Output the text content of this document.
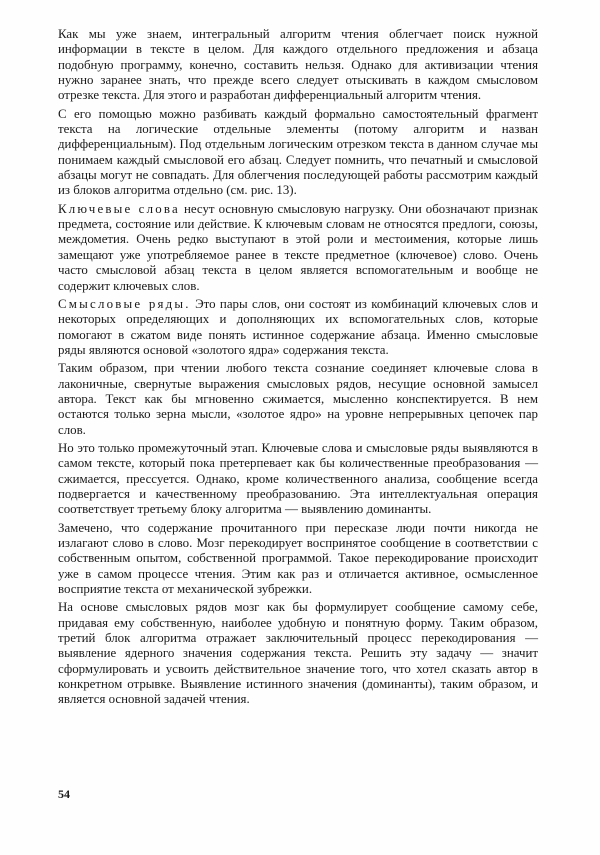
Как мы уже знаем, интегральный алгоритм чтения облегчает поиск нужной информации в тексте в целом. Для каждого отдельного предложения и абзаца подобную программу, конечно, составить нельзя. Однако для активизации чтения нужно заранее знать, что прежде всего следует отыскивать в каждом смысловом отрезке текста. Для этого и разработан дифференциальный алгоритм чтения.

С его помощью можно разбивать каждый формально самостоятельный фрагмент текста на логические отдельные элементы (потому алгоритм и назван дифференциальным). Под отдельным логическим отрезком текста в данном случае мы понимаем каждый смысловой его абзац. Следует помнить, что печатный и смысловой абзацы могут не совпадать. Для облегчения последующей работы рассмотрим каждый из блоков алгоритма отдельно (см. рис. 13).

Ключевые слова несут основную смысловую нагрузку. Они обозначают признак предмета, состояние или действие. К ключевым словам не относятся предлоги, союзы, междометия. Очень редко выступают в этой роли и местоимения, которые лишь замещают уже употребляемое ранее в тексте предметное (ключевое) слово. Очень часто смысловой абзац текста в целом является вспомогательным и вообще не содержит ключевых слов.

Смысловые ряды. Это пары слов, они состоят из комбинаций ключевых слов и некоторых определяющих и дополняющих их вспомогательных слов, которые помогают в сжатом виде понять истинное содержание абзаца. Именно смысловые ряды являются основой «золотого ядра» содержания текста.

Таким образом, при чтении любого текста сознание соединяет ключевые слова в лаконичные, свернутые выражения смысловых рядов, несущие основной замысел автора. Текст как бы мгновенно сжимается, мысленно конспектируется. В нем остаются только зерна мысли, «золотое ядро» на уровне непрерывных цепочек пар слов.

Но это только промежуточный этап. Ключевые слова и смысловые ряды выявляются в самом тексте, который пока претерпевает как бы количественные преобразования — сжимается, прессуется. Однако, кроме количественного анализа, сообщение всегда подвергается и качественному преобразованию. Эта интеллектуальная операция соответствует третьему блоку алгоритма — выявлению доминанты.

Замечено, что содержание прочитанного при пересказе люди почти никогда не излагают слово в слово. Мозг перекодирует воспринятое сообщение в соответствии с собственным опытом, собственной программой. Такое перекодирование происходит уже в самом процессе чтения. Этим как раз и отличается активное, осмысленное восприятие текста от механической зубрежки.

На основе смысловых рядов мозг как бы формулирует сообщение самому себе, придавая ему собственную, наиболее удобную и понятную форму. Таким образом, третий блок алгоритма отражает заключительный процесс перекодирования — выявление ядерного значения содержания текста. Решить эту задачу — значит сформулировать и усвоить действительное значение того, что хотел сказать автор в конкретном отрывке. Выявление истинного значения (доминанты), таким образом, и является основной задачей чтения.

54
